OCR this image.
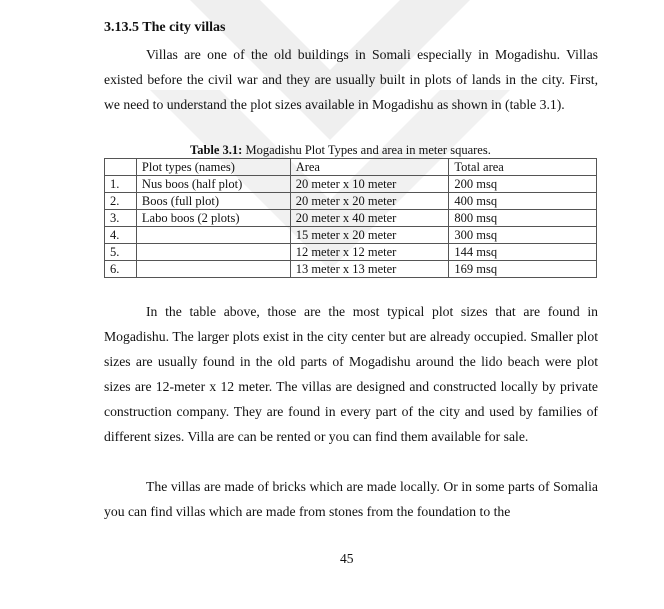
3.13.5 The city villas

Villas are one of the old buildings in Somali especially in Mogadishu. Villas existed before the civil war and they are usually built in plots of lands in the city. First, we need to understand the plot sizes available in Mogadishu as shown in (table 3.1).

Table 3.1: Mogadishu Plot Types and area in meter squares.
	Plot types (names)	Area	Total area
1.	Nus boos (half plot)	20 meter x 10 meter	200 msq
2.	Boos (full plot)	20 meter x 20 meter	400 msq
3.	Labo boos (2 plots)	20 meter x 40 meter	800 msq
4.		15 meter x 20 meter	300 msq
5.		12 meter x 12 meter	144 msq
6.		13 meter x 13 meter	169 msq

In the table above, those are the most typical plot sizes that are found in Mogadishu. The larger plots exist in the city center but are already occupied. Smaller plot sizes are usually found in the old parts of Mogadishu around the lido beach were plot sizes are 12-meter x 12 meter. The villas are designed and constructed locally by private construction company. They are found in every part of the city and used by families of different sizes. Villa are can be rented or you can find them available for sale.

The villas are made of bricks which are made locally. Or in some parts of Somalia you can find villas which are made from stones from the foundation to the

45
